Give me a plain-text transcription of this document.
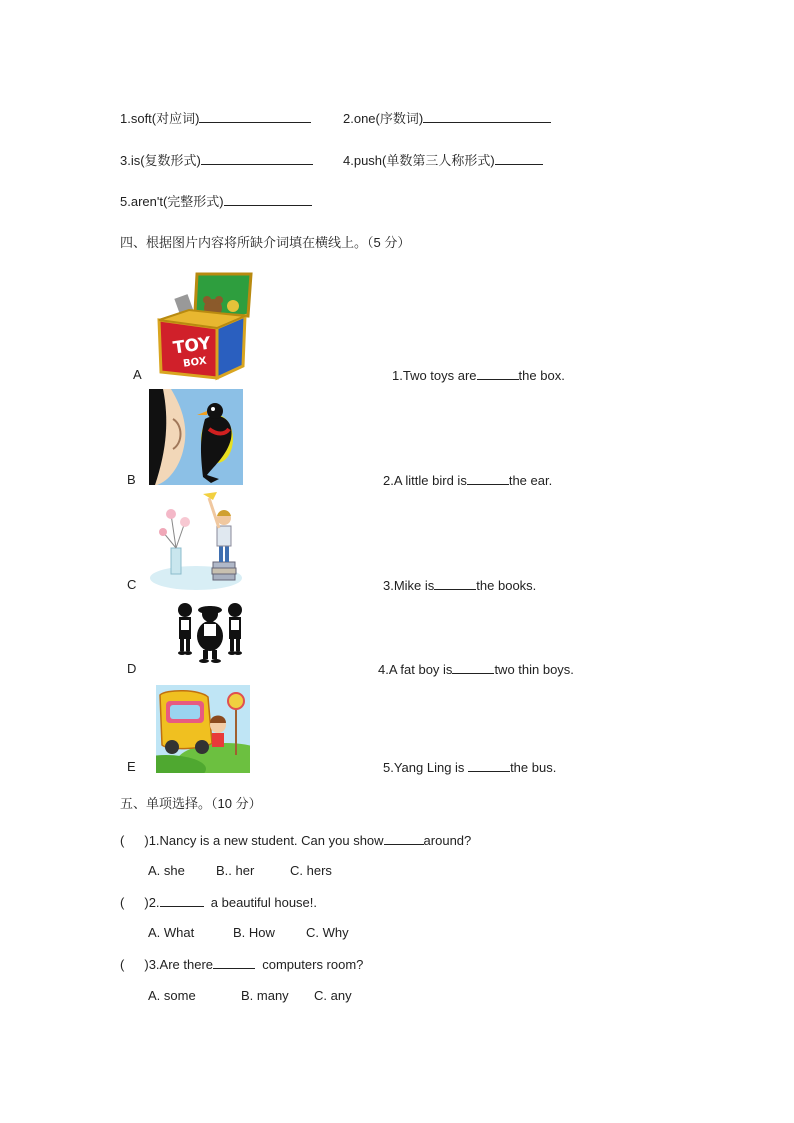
1.soft(对应词)	2.one(序数词)
3.is(复数形式)	4.push(单数第三人称形式)
5.aren't(完整形式)
四、根据图片内容将所缺介词填在横线上。（5 分）
TOY
BOX
A	1.Two toys are	the box.
B	2.A little bird is	the ear.
C	3.Mike is	the books.
D	4.A fat boy is	two thin boys.
E	5.Yang Ling is	the bus.
五、单项选择。（10 分）
( )1.Nancy is a new student. Can you show	around?
A. she B.. her	C. hers
( )2.	a beautiful house!.
A. What	B. How C. Why
( )3.Are there	computers room?
A. some	B. many C. any
